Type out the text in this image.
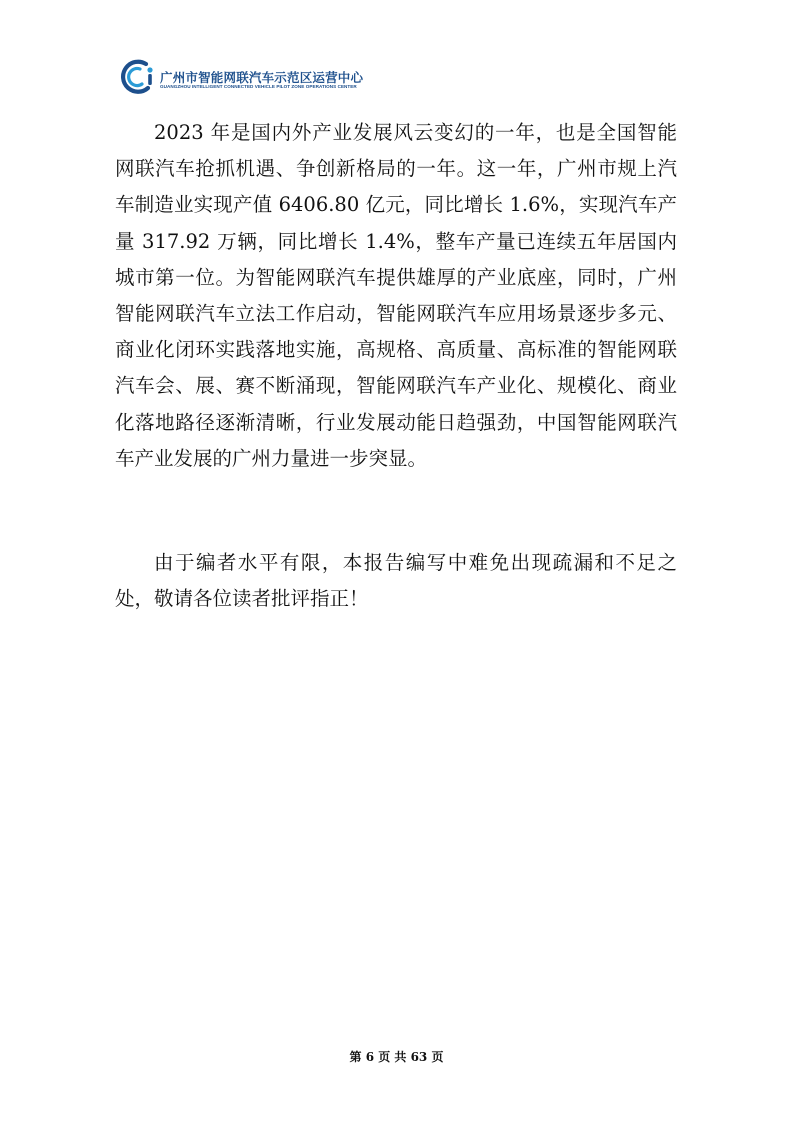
广州市智能网联汽车示范区运营中心
GUANGZHOU INTELLIGENT CONNECTED VEHICLE PILOT ZONE OPERATIONS CENTER

2023 年是国内外产业发展风云变幻的一年，也是全国智能网联汽车抢抓机遇、争创新格局的一年。这一年，广州市规上汽车制造业实现产值 6406.80 亿元，同比增长 1.6%，实现汽车产量 317.92 万辆，同比增长 1.4%，整车产量已连续五年居国内城市第一位。为智能网联汽车提供雄厚的产业底座，同时，广州智能网联汽车立法工作启动，智能网联汽车应用场景逐步多元、商业化闭环实践落地实施，高规格、高质量、高标准的智能网联汽车会、展、赛不断涌现，智能网联汽车产业化、规模化、商业化落地路径逐渐清晰，行业发展动能日趋强劲，中国智能网联汽车产业发展的广州力量进一步突显。

由于编者水平有限，本报告编写中难免出现疏漏和不足之处，敬请各位读者批评指正！

第 6 页 共 63 页
